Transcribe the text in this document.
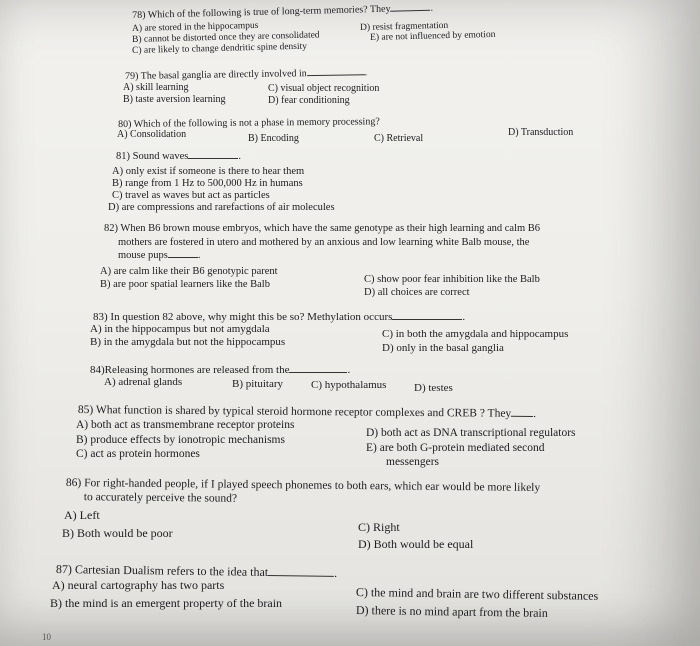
78) Which of the following is true of long-term memories? They	.
A) are stored in the hippocampus
B) cannot be distorted once they are consolidated
C) are likely to change dendritic spine density
D) resist fragmentation
E) are not influenced by emotion
79) The basal ganglia are directly involved in	.
A) skill learning
B) taste aversion learning
C) visual object recognition
D) fear conditioning
80) Which of the following is not a phase in memory processing?
A) Consolidation	B) Encoding	C) Retrieval
D) Transduction
81) Sound waves	.
A) only exist if someone is there to hear them
B) range from 1 Hz to 500,000 Hz in humans
C) travel as waves but act as particles
D) are compressions and rarefactions of air molecules
82) When B6 brown mouse embryos, which have the same genotype as their high learning and calm B6
mothers are fostered in utero and mothered by an anxious and low learning white Balb mouse, the
mouse pups	.
A) are calm like their B6 genotypic parent
B) are poor spatial learners like the Balb	C) show poor fear inhibition like the Balb
D) all choices are correct
83) In question 82 above, why might this be so? Methylation occurs	.
A) in the hippocampus but not amygdala
B) in the amygdala but not the hippocampus
C) in both the amygdala and hippocampus
D) only in the basal ganglia
84)Releasing hormones are released from the	.
A) adrenal glands	B) pituitary	C) hypothalamus	D) testes
85) What function is shared by typical steroid hormone receptor complexes and CREB ? They .
A) both act as transmembrane receptor proteins
B) produce effects by ionotropic mechanisms
C) act as protein hormones
D) both act as DNA transcriptional regulators
E) are both G-protein mediated second
messengers
86) For right-handed people, if I played speech phonemes to both ears, which ear would be more likely
to accurately perceive the sound?
A) Left
B) Both would be poor	C) Right
D) Both would be equal
87) Cartesian Dualism refers to the idea that	.
A) neural cartography has two parts
B) the mind is an emergent property of the brain
C) the mind and brain are two different substances
D) there is no mind apart from the brain
10
